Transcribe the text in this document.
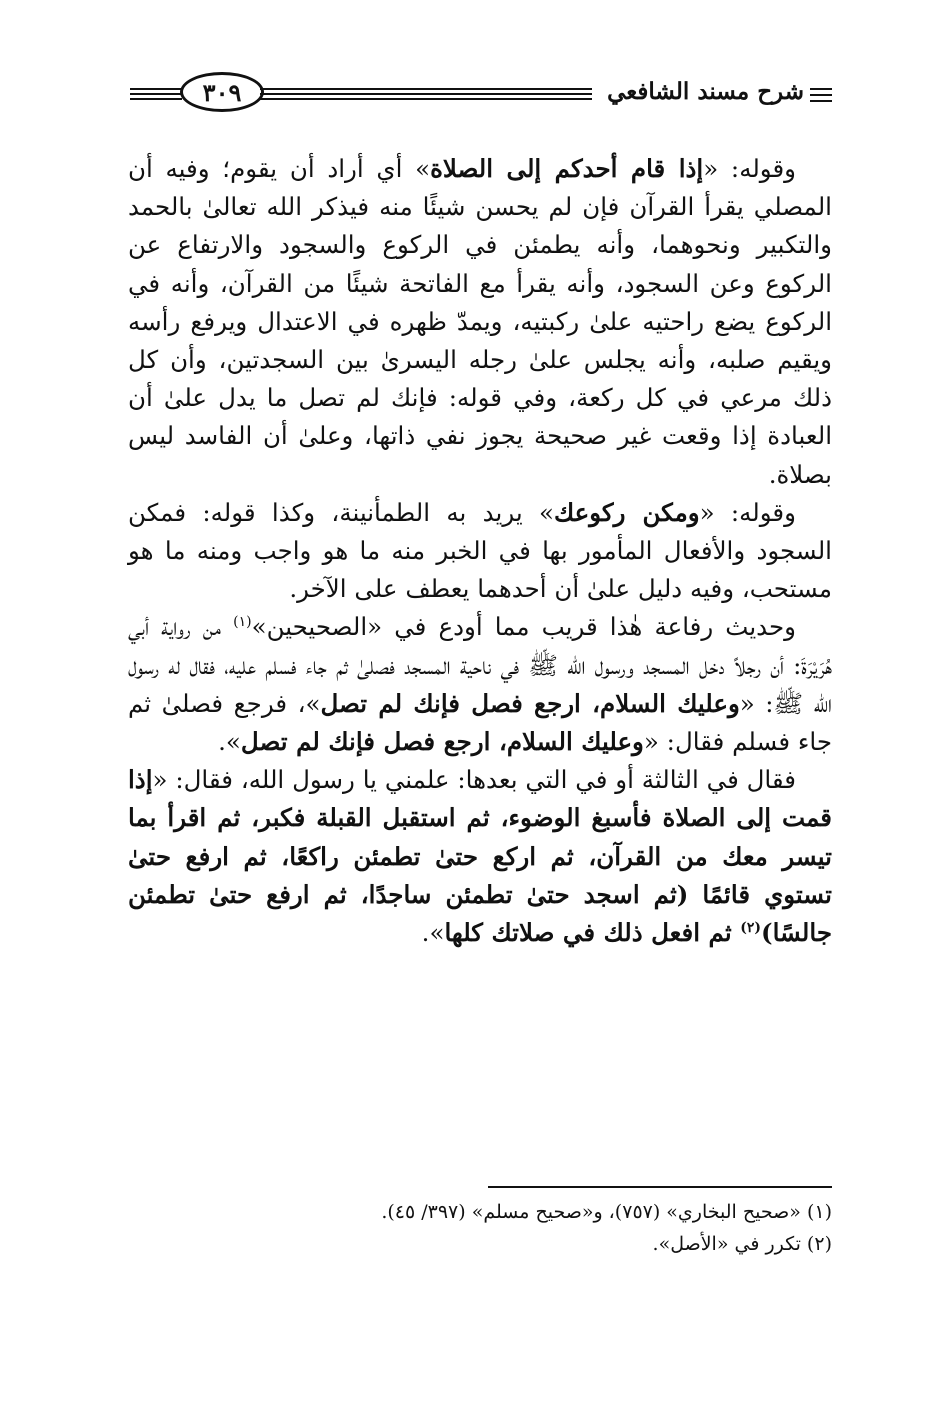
شرح مسند الشافعي
٣٠٩

وقوله: «إذا قام أحدكم إلى الصلاة» أي أراد أن يقوم؛ وفيه أن المصلي يقرأ القرآن فإن لم يحسن شيئًا منه فيذكر الله تعالىٰ بالحمد والتكبير ونحوهما، وأنه يطمئن في الركوع والسجود والارتفاع عن الركوع وعن السجود، وأنه يقرأ مع الفاتحة شيئًا من القرآن، وأنه في الركوع يضع راحتيه علىٰ ركبتيه، ويمدّ ظهره في الاعتدال ويرفع رأسه ويقيم صلبه، وأنه يجلس علىٰ رجله اليسرىٰ بين السجدتين، وأن كل ذلك مرعي في كل ركعة، وفي قوله: فإنك لم تصل ما يدل علىٰ أن العبادة إذا وقعت غير صحيحة يجوز نفي ذاتها، وعلىٰ أن الفاسد ليس بصلاة.

وقوله: «ومكن ركوعك» يريد به الطمأنينة، وكذا قوله: فمكن السجود والأفعال المأمور بها في الخبر منه ما هو واجب ومنه ما هو مستحب، وفيه دليل علىٰ أن أحدهما يعطف على الآخر.

وحديث رفاعة هٰذا قريب مما أودع في «الصحيحين»$^{(١)}$ من رواية أبي هُرَيْرَةَ: أن رجلاً دخل المسجد ورسول الله ﷺ في ناحية المسجد فصلىٰ ثم جاء فسلم عليه، فقال له رسول الله ﷺ: «وعليك السلام، ارجع فصل فإنك لم تصل»، فرجع فصلىٰ ثم جاء فسلم فقال: «وعليك السلام، ارجع فصل فإنك لم تصل».

فقال في الثالثة أو في التي بعدها: علمني يا رسول الله، فقال: «إذا قمت إلى الصلاة فأسبغ الوضوء، ثم استقبل القبلة فكبر، ثم اقرأ بما تيسر معك من القرآن، ثم اركع حتىٰ تطمئن راكعًا، ثم ارفع حتىٰ تستوي قائمًا (ثم اسجد حتىٰ تطمئن ساجدًا، ثم ارفع حتىٰ تطمئن جالسًا)$^{(٢)}$ ثم افعل ذلك في صلاتك كلها».

(١) «صحيح البخاري» (٧٥٧)، و«صحيح مسلم» (٣٩٧/ ٤٥).

(٢) تكرر في «الأصل».
